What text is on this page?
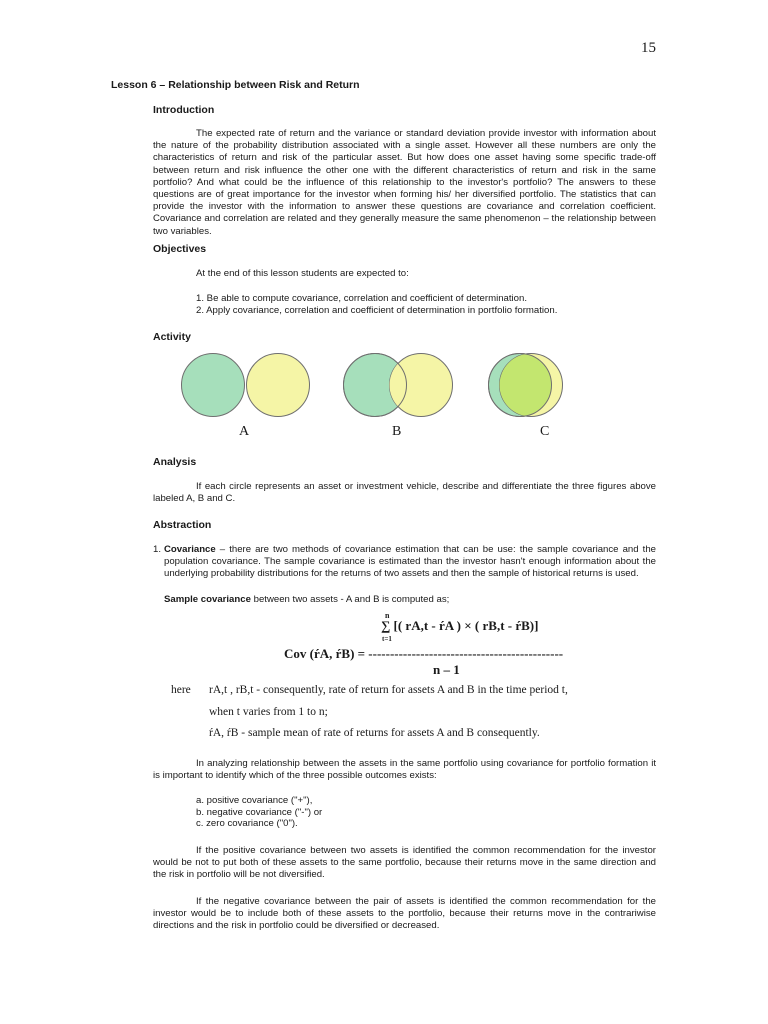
15
Lesson 6 – Relationship between Risk and Return
Introduction

The expected rate of return and the variance or standard deviation provide investor with information about the nature of the probability distribution associated with a single asset. However all these numbers are only the characteristics of return and risk of the particular asset. But how does one asset having some specific trade-off between return and risk influence the other one with the different characteristics of return and risk in the same portfolio? And what could be the influence of this relationship to the investor's portfolio? The answers to these questions are of great importance for the investor when forming his/ her diversified portfolio. The statistics that can provide the investor with the information to answer these questions are covariance and correlation coefficient. Covariance and correlation are related and they generally measure the same phenomenon – the relationship between two variables.

Objectives
At the end of this lesson students are expected to:
1. Be able to compute covariance, correlation and coefficient of determination.
2. Apply covariance, correlation and coefficient of determination in portfolio formation.
Activity
A	B	C
Analysis

If each circle represents an asset or investment vehicle, describe and differentiate the three figures above labeled A, B and C.

Abstraction
1. Covariance – there are two methods of covariance estimation that can be use: the sample covariance and the population covariance. The sample covariance is estimated than the investor hasn't enough information about the underlying probability distributions for the returns of two assets and then the sample of historical returns is used.
Sample covariance between two assets - A and B is computed as;
n
∑ [( rA,t - ŕA ) × ( rB,t - ŕB)]
t=1
Cov (ŕA, ŕB) = ---------------------------------------------
n – 1
here rA,t , rB,t - consequently, rate of return for assets A and B in the time period t,
when t varies from 1 to n;
ŕA, ŕB - sample mean of rate of returns for assets A and B consequently.

In analyzing relationship between the assets in the same portfolio using covariance for portfolio formation it is important to identify which of the three possible outcomes exists:

a. positive covariance ("+"),
b. negative covariance ("-") or
c. zero covariance ("0").

If the positive covariance between two assets is identified the common recommendation for the investor would be not to put both of these assets to the same portfolio, because their returns move in the same direction and the risk in portfolio will be not diversified.

If the negative covariance between the pair of assets is identified the common recommendation for the investor would be to include both of these assets to the portfolio, because their returns move in the contrariwise directions and the risk in portfolio could be diversified or decreased.
